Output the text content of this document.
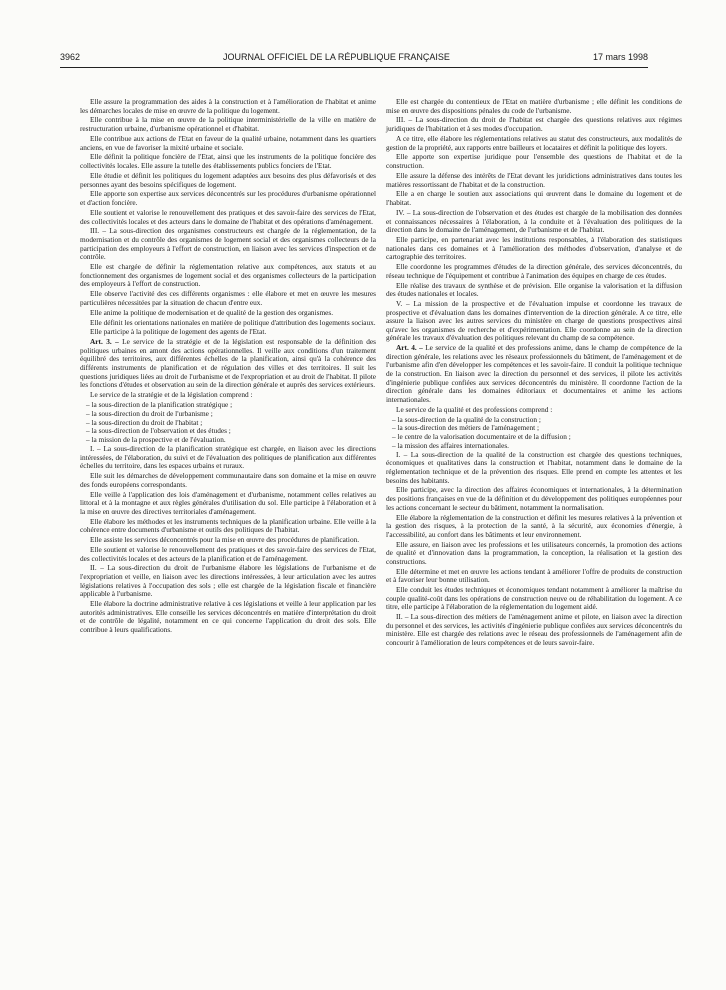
3962	JOURNAL OFFICIEL DE LA RÉPUBLIQUE FRANÇAISE	17 mars 1998

Elle assure la programmation des aides à la construction et à l'amélioration de l'habitat et anime les démarches locales de mise en œuvre de la politique du logement.

Elle contribue à la mise en œuvre de la politique interministérielle de la ville en matière de restructuration urbaine, d'urbanisme opérationnel et d'habitat.

Elle contribue aux actions de l'Etat en faveur de la qualité urbaine, notamment dans les quartiers anciens, en vue de favoriser la mixité urbaine et sociale.

Elle définit la politique foncière de l'Etat, ainsi que les instruments de la politique foncière des collectivités locales. Elle assure la tutelle des établissements publics fonciers de l'Etat.

Elle étudie et définit les politiques du logement adaptées aux besoins des plus défavorisés et des personnes ayant des besoins spécifiques de logement.

Elle apporte son expertise aux services déconcentrés sur les procédures d'urbanisme opérationnel et d'action foncière.

Elle soutient et valorise le renouvellement des pratiques et des savoir-faire des services de l'Etat, des collectivités locales et des acteurs dans le domaine de l'habitat et des opérations d'aménagement.

III. – La sous-direction des organismes constructeurs est chargée de la réglementation, de la modernisation et du contrôle des organismes de logement social et des organismes collecteurs de la participation des employeurs à l'effort de construction, en liaison avec les services d'inspection et de contrôle.

Elle est chargée de définir la réglementation relative aux compétences, aux statuts et au fonctionnement des organismes de logement social et des organismes collecteurs de la participation des employeurs à l'effort de construction.

Elle observe l'activité des ces différents organismes : elle élabore et met en œuvre les mesures particulières nécessitées par la situation de chacun d'entre eux.

Elle anime la politique de modernisation et de qualité de la gestion des organismes.

Elle définit les orientations nationales en matière de politique d'attribution des logements sociaux.

Elle participe à la politique de logement des agents de l'Etat.

Art. 3. – Le service de la stratégie et de la législation est responsable de la définition des politiques urbaines en amont des actions opérationnelles. Il veille aux conditions d'un traitement équilibré des territoires, aux différentes échelles de la planification, ainsi qu'à la cohérence des différents instruments de planification et de régulation des villes et des territoires. Il suit les questions juridiques liées au droit de l'urbanisme et de l'expropriation et au droit de l'habitat. Il pilote les fonctions d'études et observation au sein de la direction générale et auprès des services extérieurs.

Le service de la stratégie et de la législation comprend :

– la sous-direction de la planification stratégique ;

– la sous-direction du droit de l'urbanisme ;

– la sous-direction du droit de l'habitat ;

– la sous-direction de l'observation et des études ;

– la mission de la prospective et de l'évaluation.

I. – La sous-direction de la planification stratégique est chargée, en liaison avec les directions intéressées, de l'élaboration, du suivi et de l'évaluation des politiques de planification aux différentes échelles du territoire, dans les espaces urbains et ruraux.

Elle suit les démarches de développement communautaire dans son domaine et la mise en œuvre des fonds européens correspondants.

Elle veille à l'application des lois d'aménagement et d'urbanisme, notamment celles relatives au littoral et à la montagne et aux règles générales d'utilisation du sol. Elle participe à l'élaboration et à la mise en œuvre des directives territoriales d'aménagement.

Elle élabore les méthodes et les instruments techniques de la planification urbaine. Elle veille à la cohérence entre documents d'urbanisme et outils des politiques de l'habitat.

Elle assiste les services déconcentrés pour la mise en œuvre des procédures de planification.

Elle soutient et valorise le renouvellement des pratiques et des savoir-faire des services de l'Etat, des collectivités locales et des acteurs de la planification et de l'aménagement.

II. – La sous-direction du droit de l'urbanisme élabore les législations de l'urbanisme et de l'expropriation et veille, en liaison avec les directions intéressées, à leur articulation avec les autres législations relatives à l'occupation des sols ; elle est chargée de la législation fiscale et financière applicable à l'urbanisme.

Elle élabore la doctrine administrative relative à ces législations et veille à leur application par les autorités administratives. Elle conseille les services déconcentrés en matière d'interprétation du droit et de contrôle de légalité, notamment en ce qui concerne l'application du droit des sols. Elle contribue à leurs qualifications.

Elle est chargée du contentieux de l'Etat en matière d'urbanisme ; elle définit les conditions de mise en œuvre des dispositions pénales du code de l'urbanisme.

III. – La sous-direction du droit de l'habitat est chargée des questions relatives aux régimes juridiques de l'habitation et à ses modes d'occupation.

A ce titre, elle élabore les réglementations relatives au statut des constructeurs, aux modalités de gestion de la propriété, aux rapports entre bailleurs et locataires et définit la politique des loyers.

Elle apporte son expertise juridique pour l'ensemble des questions de l'habitat et de la construction.

Elle assure la défense des intérêts de l'Etat devant les juridictions administratives dans toutes les matières ressortissant de l'habitat et de la construction.

Elle a en charge le soutien aux associations qui œuvrent dans le domaine du logement et de l'habitat.

IV. – La sous-direction de l'observation et des études est chargée de la mobilisation des données et connaissances nécessaires à l'élaboration, à la conduite et à l'évaluation des politiques de la direction dans le domaine de l'aménagement, de l'urbanisme et de l'habitat.

Elle participe, en partenariat avec les institutions responsables, à l'élaboration des statistiques nationales dans ces domaines et à l'amélioration des méthodes d'observation, d'analyse et de cartographie des territoires.

Elle coordonne les programmes d'études de la direction générale, des services déconcentrés, du réseau technique de l'équipement et contribue à l'animation des équipes en charge de ces études.

Elle réalise des travaux de synthèse et de prévision. Elle organise la valorisation et la diffusion des études nationales et locales.

V. – La mission de la prospective et de l'évaluation impulse et coordonne les travaux de prospective et d'évaluation dans les domaines d'intervention de la direction générale. A ce titre, elle assure la liaison avec les autres services du ministère en charge de questions prospectives ainsi qu'avec les organismes de recherche et d'expérimentation. Elle coordonne au sein de la direction générale les travaux d'évaluation des politiques relevant du champ de sa compétence.

Art. 4. – Le service de la qualité et des professions anime, dans le champ de compétence de la direction générale, les relations avec les réseaux professionnels du bâtiment, de l'aménagement et de l'urbanisme afin d'en développer les compétences et les savoir-faire. Il conduit la politique technique de la construction. En liaison avec la direction du personnel et des services, il pilote les activités d'ingénierie publique confiées aux services déconcentrés du ministère. Il coordonne l'action de la direction générale dans les domaines éditoriaux et documentaires et anime les actions internationales.

Le service de la qualité et des professions comprend :

– la sous-direction de la qualité de la construction ;

– la sous-direction des métiers de l'aménagement ;

– le centre de la valorisation documentaire et de la diffusion ;

– la mission des affaires internationales.

I. – La sous-direction de la qualité de la construction est chargée des questions techniques, économiques et qualitatives dans la construction et l'habitat, notamment dans le domaine de la réglementation technique et de la prévention des risques. Elle prend en compte les attentes et les besoins des habitants.

Elle participe, avec la direction des affaires économiques et internationales, à la détermination des positions françaises en vue de la définition et du développement des politiques européennes pour les actions concernant le secteur du bâtiment, notamment la normalisation.

Elle élabore la réglementation de la construction et définit les mesures relatives à la prévention et la gestion des risques, à la protection de la santé, à la sécurité, aux économies d'énergie, à l'accessibilité, au confort dans les bâtiments et leur environnement.

Elle assure, en liaison avec les professions et les utilisateurs concernés, la promotion des actions de qualité et d'innovation dans la programmation, la conception, la réalisation et la gestion des constructions.

Elle détermine et met en œuvre les actions tendant à améliorer l'offre de produits de construction et à favoriser leur bonne utilisation.

Elle conduit les études techniques et économiques tendant notamment à améliorer la maîtrise du couple qualité-coût dans les opérations de construction neuve ou de réhabilitation du logement. A ce titre, elle participe à l'élaboration de la réglementation du logement aidé.

II. – La sous-direction des métiers de l'aménagement anime et pilote, en liaison avec la direction du personnel et des services, les activités d'ingénierie publique confiées aux services déconcentrés du ministère. Elle est chargée des relations avec le réseau des professionnels de l'aménagement afin de concourir à l'amélioration de leurs compétences et de leurs savoir-faire.
